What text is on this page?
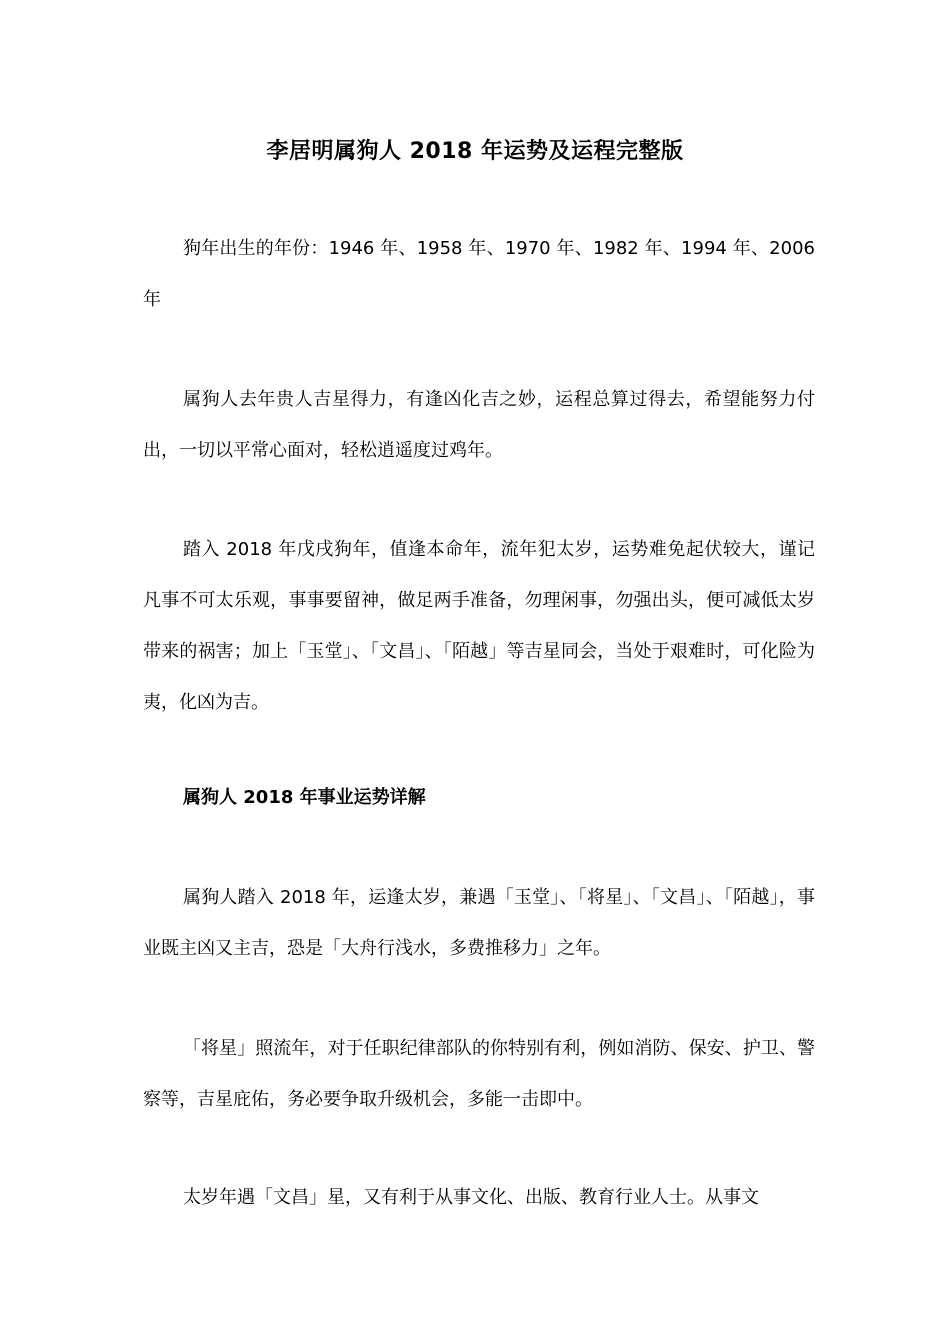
李居明属狗人 2018 年运势及运程完整版

狗年出生的年份：1946 年、1958 年、1970 年、1982 年、1994 年、2006 年

属狗人去年贵人吉星得力，有逢凶化吉之妙，运程总算过得去，希望能努力付出，一切以平常心面对，轻松逍遥度过鸡年。

踏入 2018 年戊戌狗年，值逢本命年，流年犯太岁，运势难免起伏较大，谨记凡事不可太乐观，事事要留神，做足两手准备，勿理闲事，勿强出头，便可减低太岁带来的祸害；加上「玉堂」、「文昌」、「陌越」等吉星同会，当处于艰难时，可化险为夷，化凶为吉。

属狗人 2018 年事业运势详解

属狗人踏入 2018 年，运逢太岁，兼遇「玉堂」、「将星」、「文昌」、「陌越」，事业既主凶又主吉，恐是「大舟行浅水，多费推移力」之年。

「将星」照流年，对于任职纪律部队的你特别有利，例如消防、保安、护卫、警察等，吉星庇佑，务必要争取升级机会，多能一击即中。

太岁年遇「文昌」星，又有利于从事文化、出版、教育行业人士。从事文
